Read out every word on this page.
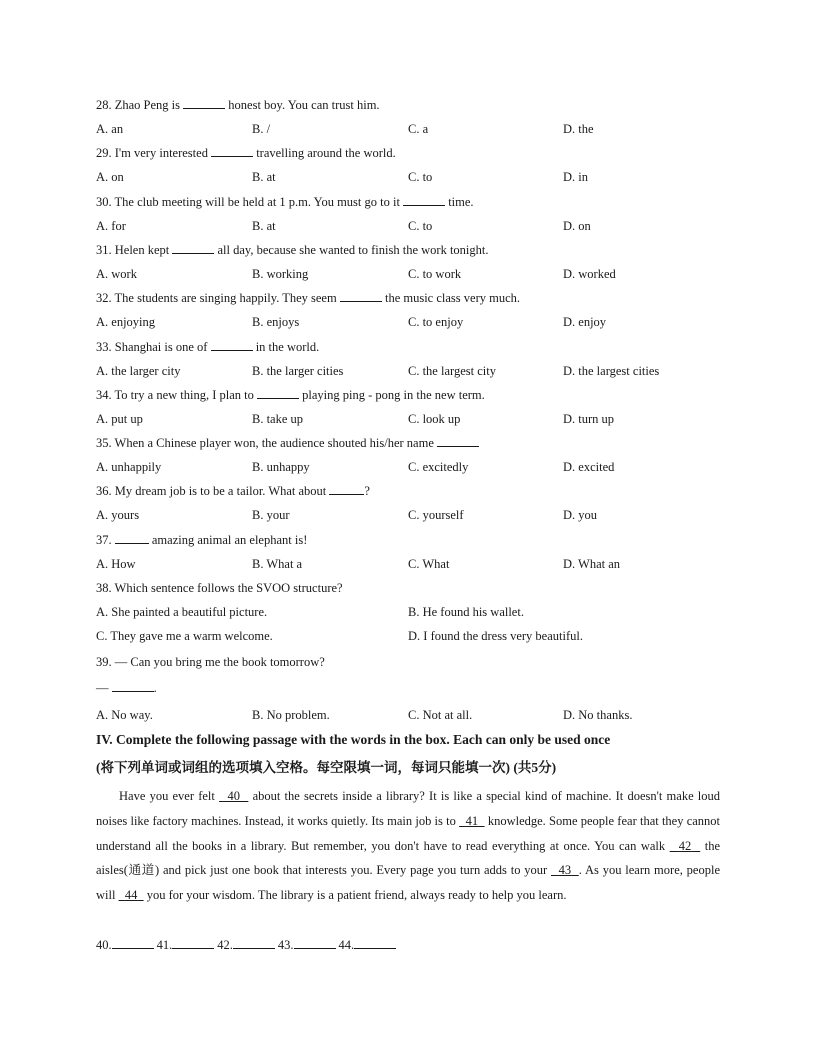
28. Zhao Peng is	honest boy. You can trust him.
A. an	B. /	C. a	D. the
29. I'm very interested	travelling around the world.
A. on	B. at	C. to	D. in
30. The club meeting will be held at 1 p.m. You must go to it	time.
A. for	B. at	C. to	D. on
31. Helen kept	all day, because she wanted to finish the work tonight.
A. work	B. working	C. to work	D. worked
32. The students are singing happily. They seem	the music class very much.
A. enjoying	B. enjoys	C. to enjoy	D. enjoy
33. Shanghai is one of	in the world.
A. the larger city	B. the larger cities	C. the largest city	D. the largest cities
34. To try a new thing, I plan to	playing ping - pong in the new term.
A. put up	B. take up	C. look up	D. turn up
35. When a Chinese player won, the audience shouted his/her name
A. unhappily	B. unhappy	C. excitedly	D. excited
36. My dream job is to be a tailor. What about	?
A. yours	B. your	C. yourself	D. you
37.	amazing animal an elephant is!
A. How	B. What a	C. What	D. What an
38. Which sentence follows the SVOO structure?
A. She painted a beautiful picture.	B. He found his wallet.
C. They gave me a warm welcome.	D. I found the dress very beautiful.
39. — Can you bring me the book tomorrow?
—	.
A. No way.	B. No problem.	C. Not at all.	D. No thanks.
IV. Complete the following passage with the words in the box. Each can only be used once
(将下列单词或词组的选项填入空格。每空限填一词，每词只能填一次) (共5分)
Have you ever felt 40 about the secrets inside a library? It is like a special kind of machine. It doesn't make loud noises like factory machines. Instead, it works quietly. Its main job is to 41 knowledge. Some people fear that they cannot understand all the books in a library. But remember, you don't have to read everything at once. You can walk 42 the aisles(通道) and pick just one book that interests you. Every page you turn adds to your 43 . As you learn more, people will 44 you for your wisdom. The library is a patient friend, always ready to help you learn.
40.	41.	42.	43.	44.
